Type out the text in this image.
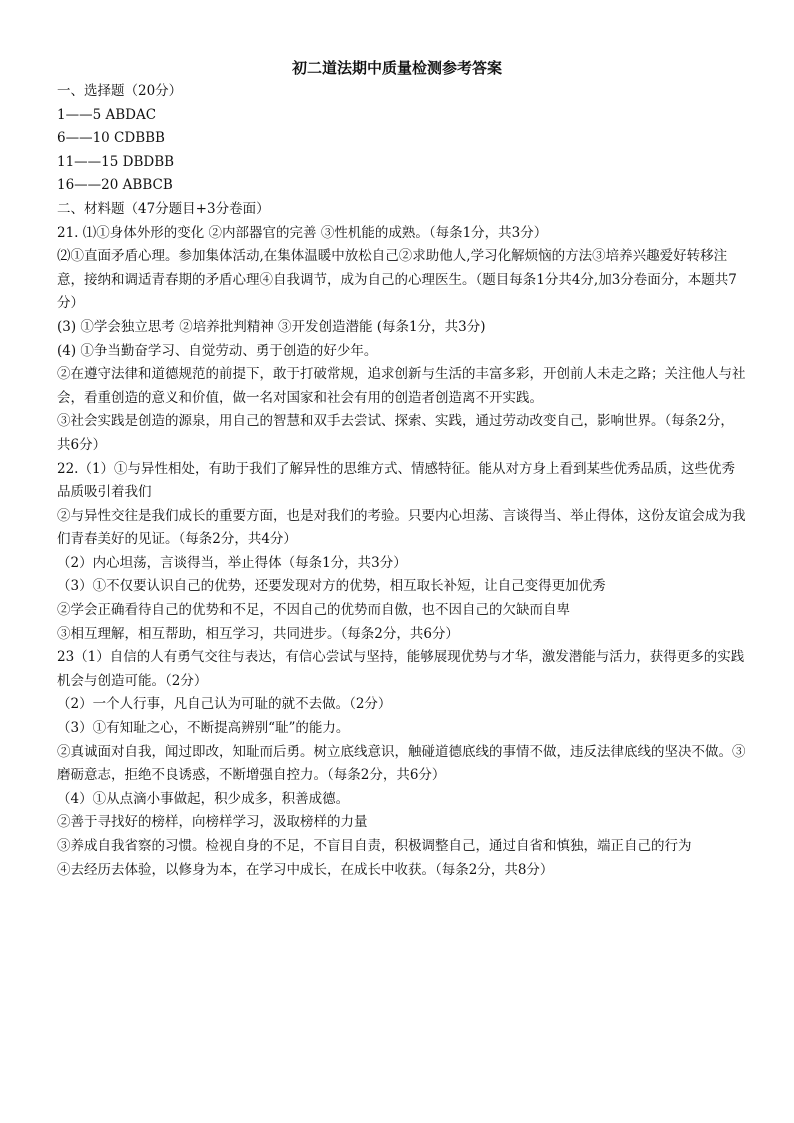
初二道法期中质量检测参考答案
一、选择题（20分）
1——5 ABDAC
6——10 CDBBB
11——15 DBDBB
16——20 ABBCB
二、材料题（47分题目+3分卷面）
21. ⑴①身体外形的变化 ②内部器官的完善 ③性机能的成熟。（每条1分，共3分）
⑵①直面矛盾心理。参加集体活动,在集体温暖中放松自己②求助他人,学习化解烦恼的方法③培养兴趣爱好转移注意，接纳和调适青春期的矛盾心理④自我调节，成为自己的心理医生。（题目每条1分共4分,加3分卷面分，本题共7分）
(3) ①学会独立思考 ②培养批判精神 ③开发创造潜能 (每条1分，共3分)
(4) ①争当勤奋学习、自觉劳动、勇于创造的好少年。
②在遵守法律和道德规范的前提下，敢于打破常规，追求创新与生活的丰富多彩，开创前人未走之路；关注他人与社会，看重创造的意义和价值，做一名对国家和社会有用的创造者创造离不开实践。
③社会实践是创造的源泉，用自己的智慧和双手去尝试、探索、实践，通过劳动改变自己，影响世界。（每条2分，共6分）
22.（1）①与异性相处，有助于我们了解异性的思维方式、情感特征。能从对方身上看到某些优秀品质，这些优秀品质吸引着我们
②与异性交往是我们成长的重要方面，也是对我们的考验。只要内心坦荡、言谈得当、举止得体，这份友谊会成为我们青春美好的见证。（每条2分，共4分）
（2）内心坦荡，言谈得当，举止得体（每条1分，共3分）
（3）①不仅要认识自己的优势，还要发现对方的优势，相互取长补短，让自己变得更加优秀
②学会正确看待自己的优势和不足，不因自己的优势而自傲，也不因自己的欠缺而自卑
③相互理解，相互帮助，相互学习，共同进步。（每条2分，共6分）
23（1）自信的人有勇气交往与表达，有信心尝试与坚持，能够展现优势与才华，激发潜能与活力，获得更多的实践机会与创造可能。（2分）
（2）一个人行事，凡自己认为可耻的就不去做。（2分）
（3）①有知耻之心，不断提高辨别“耻”的能力。
②真诚面对自我，闻过即改，知耻而后勇。树立底线意识，触碰道德底线的事情不做，违反法律底线的坚决不做。③磨砺意志，拒绝不良诱惑，不断增强自控力。（每条2分，共6分）
（4）①从点滴小事做起，积少成多，积善成德。
②善于寻找好的榜样，向榜样学习，汲取榜样的力量
③养成自我省察的习惯。检视自身的不足，不盲目自责，积极调整自己，通过自省和慎独，端正自己的行为
④去经历去体验，以修身为本，在学习中成长，在成长中收获。（每条2分，共8分）
